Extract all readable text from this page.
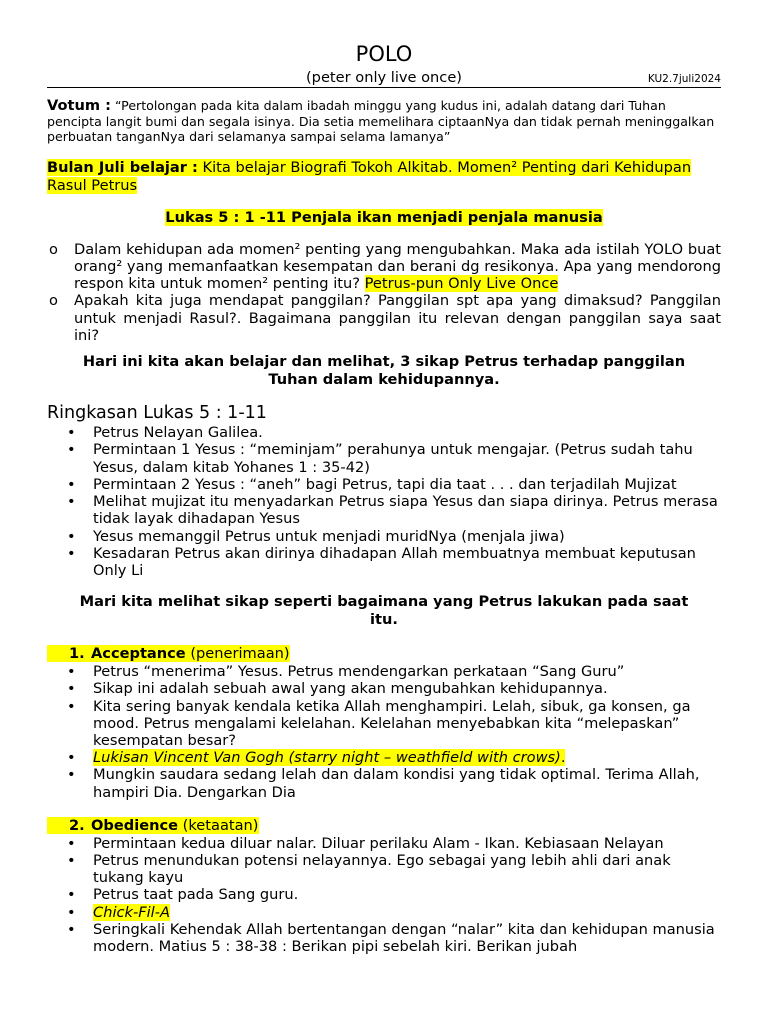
POLO
(peter only live once)	KU2.7juli2024

Votum : “Pertolongan pada kita dalam ibadah minggu yang kudus ini, adalah datang dari Tuhan pencipta langit bumi dan segala isinya. Dia setia memelihara ciptaanNya dan tidak pernah meninggalkan perbuatan tanganNya dari selamanya sampai selama lamanya”

Bulan Juli belajar : Kita belajar Biografi Tokoh Alkitab. Momen² Penting dari Kehidupan Rasul Petrus

Lukas 5 : 1 -11 Penjala ikan menjadi penjala manusia

o Dalam kehidupan ada momen² penting yang mengubahkan. Maka ada istilah YOLO buat orang² yang memanfaatkan kesempatan dan berani dg resikonya. Apa yang mendorong respon kita untuk momen² penting itu? Petrus-pun Only Live Once
o Apakah kita juga mendapat panggilan? Panggilan spt apa yang dimaksud? Panggilan untuk menjadi Rasul?. Bagaimana panggilan itu relevan dengan panggilan saya saat ini?

Hari ini kita akan belajar dan melihat, 3 sikap Petrus terhadap panggilan Tuhan dalam kehidupannya.

Ringkasan Lukas 5 : 1-11
• Petrus Nelayan Galilea.
• Permintaan 1 Yesus : “meminjam” perahunya untuk mengajar. (Petrus sudah tahu Yesus, dalam kitab Yohanes 1 : 35-42)
• Permintaan 2 Yesus : “aneh” bagi Petrus, tapi dia taat . . . dan terjadilah Mujizat
• Melihat mujizat itu menyadarkan Petrus siapa Yesus dan siapa dirinya. Petrus merasa tidak layak dihadapan Yesus
• Yesus memanggil Petrus untuk menjadi muridNya (menjala jiwa)
• Kesadaran Petrus akan dirinya dihadapan Allah membuatnya membuat keputusan Only Li

Mari kita melihat sikap seperti bagaimana yang Petrus lakukan pada saat itu.

1. Acceptance (penerimaan)
• Petrus “menerima” Yesus. Petrus mendengarkan perkataan “Sang Guru”
• Sikap ini adalah sebuah awal yang akan mengubahkan kehidupannya.
• Kita sering banyak kendala ketika Allah menghampiri. Lelah, sibuk, ga konsen, ga mood. Petrus mengalami kelelahan. Kelelahan menyebabkan kita “melepaskan” kesempatan besar?
• Lukisan Vincent Van Gogh (starry night – weathfield with crows).
• Mungkin saudara sedang lelah dan dalam kondisi yang tidak optimal. Terima Allah, hampiri Dia. Dengarkan Dia
2. Obedience (ketaatan)
• Permintaan kedua diluar nalar. Diluar perilaku Alam - Ikan. Kebiasaan Nelayan
• Petrus menundukan potensi nelayannya. Ego sebagai yang lebih ahli dari anak tukang kayu
• Petrus taat pada Sang guru.
• Chick-Fil-A
• Seringkali Kehendak Allah bertentangan dengan “nalar” kita dan kehidupan manusia modern. Matius 5 : 38-38 : Berikan pipi sebelah kiri. Berikan jubah
